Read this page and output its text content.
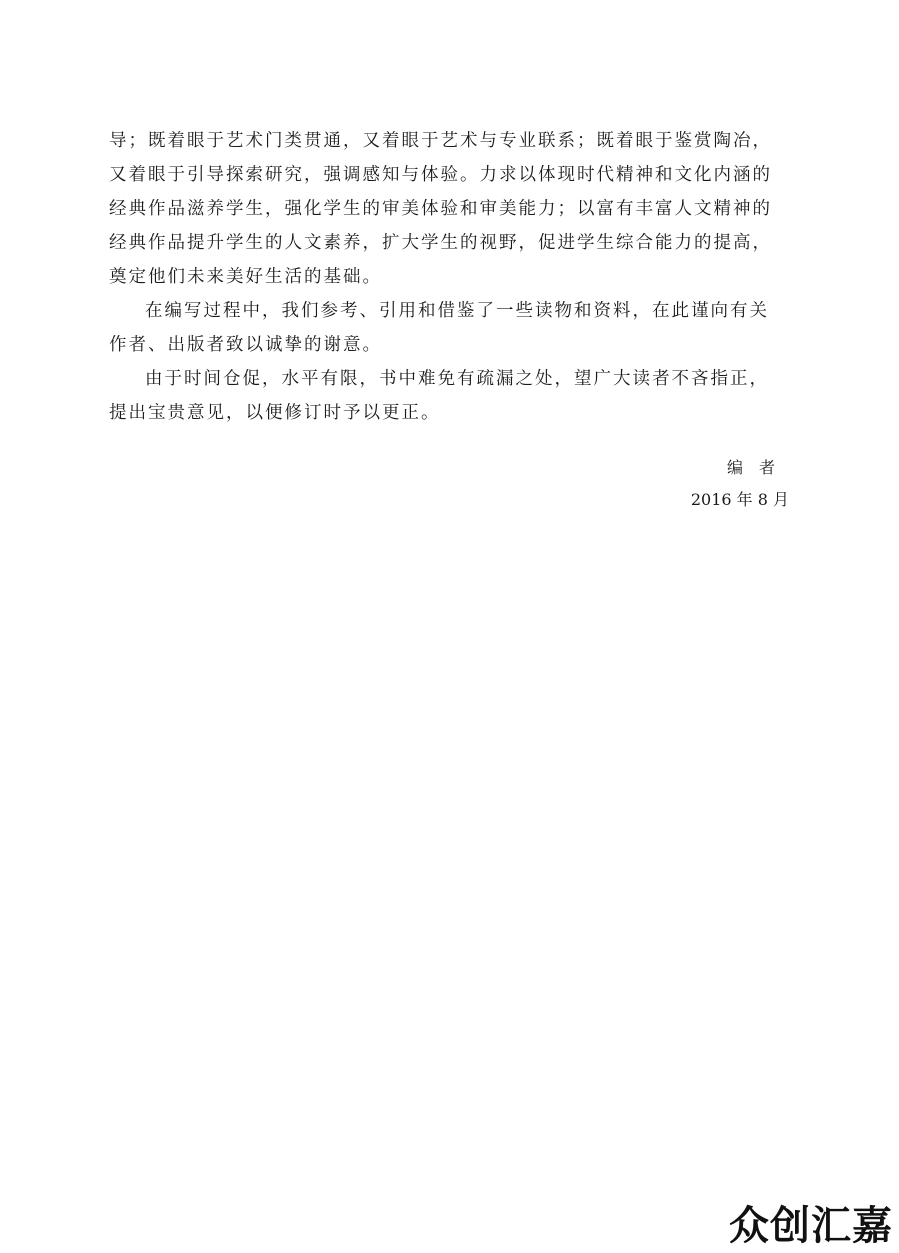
导；既着眼于艺术门类贯通，又着眼于艺术与专业联系；既着眼于鉴赏陶冶，
又着眼于引导探索研究，强调感知与体验。力求以体现时代精神和文化内涵的
经典作品滋养学生，强化学生的审美体验和审美能力；以富有丰富人文精神的
经典作品提升学生的人文素养，扩大学生的视野，促进学生综合能力的提高，
奠定他们未来美好生活的基础。
在编写过程中，我们参考、引用和借鉴了一些读物和资料，在此谨向有关
作者、出版者致以诚挚的谢意。
由于时间仓促，水平有限，书中难免有疏漏之处，望广大读者不吝指正，
提出宝贵意见，以便修订时予以更正。
编　者
2016 年 8 月
众创汇嘉
